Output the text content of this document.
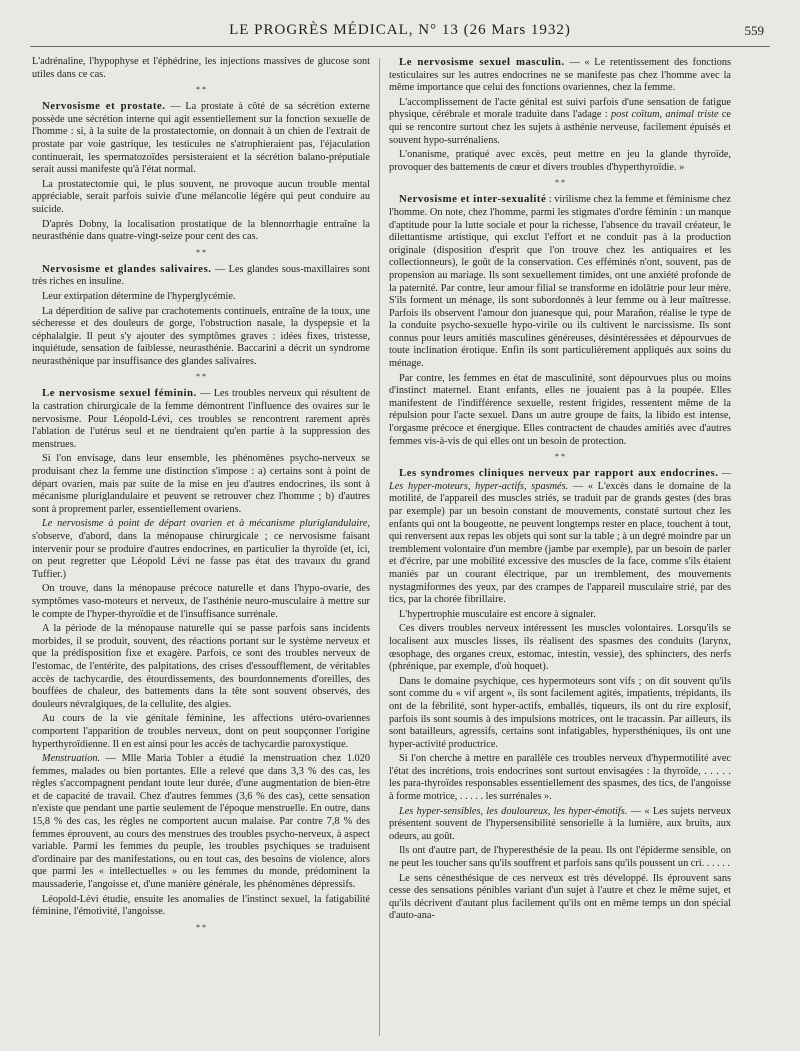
LE PROGRÈS MÉDICAL, N° 13 (26 Mars 1932)	559

L'adrénaline, l'hypophyse et l'éphédrine, les injections massives de glucose sont utiles dans ce cas.

* *

Nervosisme et prostate. — La prostate à côté de sa sécrétion externe possède une sécrétion interne qui agit essentiellement sur la fonction sexuelle de l'homme : si, à la suite de la prostatectomie, on donnait à un chien de l'extrait de prostate par voie gastrique, les testicules ne s'atrophieraient pas, l'éjaculation continuerait, les spermatozoïdes persisteraient et la sécrétion balano-préputiale serait aussi manifeste qu'à l'état normal.

La prostatectomie qui, le plus souvent, ne provoque aucun trouble mental appréciable, serait parfois suivie d'une mélancolie légère qui peut conduire au suicide.

D'après Dobny, la localisation prostatique de la blennorrhagie entraîne la neurasthénie dans quatre-vingt-seize pour cent des cas.

* *

Nervosisme et glandes salivaires. — Les glandes sous-maxillaires sont très riches en insuline.

Leur extirpation détermine de l'hyperglycémie.

La déperdition de salive par crachotements continuels, entraîne de la toux, une sécheresse et des douleurs de gorge, l'obstruction nasale, la dyspepsie et la céphalalgie. Il peut s'y ajouter des symptômes graves : idées fixes, tristesse, inquiétude, sensation de faiblesse, neurasthénie. Baccarini a décrit un syndrome neurasthénique par insuffisance des glandes salivaires.

* *

Le nervosisme sexuel féminin. — Les troubles nerveux qui résultent de la castration chirurgicale de la femme démontrent l'influence des ovaires sur le nervosisme. Pour Léopold-Lévi, ces troubles se rencontrent rarement après l'ablation de l'utérus seul et ne tiendraient qu'en partie à la suppression des menstrues.

Si l'on envisage, dans leur ensemble, les phénomènes psycho-nerveux se produisant chez la femme une distinction s'impose : a) certains sont à point de départ ovarien, mais par suite de la mise en jeu d'autres endocrines, ils sont à mécanisme pluriglandulaire et peuvent se retrouver chez l'homme ; b) d'autres sont à proprement parler, essentiellement ovariens.

Le nervosisme à point de départ ovarien et à mécanisme pluriglandulaire, s'observe, d'abord, dans la ménopause chirurgicale ; ce nervosisme faisant intervenir pour se produire d'autres endocrines, en particulier la thyroïde (et, ici, on peut regretter que Léopold Lévi ne fasse pas état des travaux du grand Tuffier.)

On trouve, dans la ménopause précoce naturelle et dans l'hypo-ovarie, des symptômes vaso-moteurs et nerveux, de l'asthénie neuro-musculaire à mettre sur le compte de l'hyper-thyroïdie et de l'insuffisance surrénale.

A la période de la ménopause naturelle qui se passe parfois sans incidents morbides, il se produit, souvent, des réactions portant sur le système nerveux et que la prédisposition fixe et exagère. Parfois, ce sont des troubles nerveux de l'estomac, de l'entérite, des palpitations, des crises d'essoufflement, de véritables accès de tachycardie, des étourdissements, des bourdonnements d'oreilles, des bouffées de chaleur, des battements dans la tête sont souvent observés, des douleurs névralgiques, de la cellulite, des algies.

Au cours de la vie génitale féminine, les affections utéro-ovariennes comportent l'apparition de troubles nerveux, dont on peut soupçonner l'origine hyperthyroïdienne. Il en est ainsi pour les accès de tachycardie paroxystique.

Menstruation. — Mlle Maria Tobler a étudié la menstruation chez 1.020 femmes, malades ou bien portantes. Elle a relevé que dans 3,3 % des cas, les règles s'accompagnent pendant toute leur durée, d'une augmentation de bien-être et de capacité de travail. Chez d'autres femmes (3,6 % des cas), cette sensation n'existe que pendant une partie seulement de l'époque menstruelle. En outre, dans 15,8 % des cas, les règles ne comportent aucun malaise. Par contre 7,8 % des femmes éprouvent, au cours des menstrues des troubles psycho-nerveux, à aspect variable. Parmi les femmes du peuple, les troubles psychiques se traduisent d'ordinaire par des manifestations, ou en tout cas, des besoins de violence, alors que parmi les « intellectuelles » ou les femmes du monde, prédominent la maussaderie, l'angoisse et, d'une manière générale, les phénomènes dépressifs.

Léopold-Lévi étudie, ensuite les anomalies de l'instinct sexuel, la fatigabilité féminine, l'émotivité, l'angoisse.

* *

Le nervosisme sexuel masculin. — « Le retentissement des fonctions testiculaires sur les autres endocrines ne se manifeste pas chez l'homme avec la même importance que celui des fonctions ovariennes, chez la femme.

L'accomplissement de l'acte génital est suivi parfois d'une sensation de fatigue physique, cérébrale et morale traduite dans l'adage : post coïtum, animal triste ce qui se rencontre surtout chez les sujets à asthénie nerveuse, facilement épuisés et souvent hypo-surrénaliens.

L'onanisme, pratiqué avec excès, peut mettre en jeu la glande thyroïde, provoquer des battements de cœur et divers troubles d'hyperthyroïdie. »

* *

Nervosisme et inter-sexualité : virilisme chez la femme et féminisme chez l'homme. On note, chez l'homme, parmi les stigmates d'ordre féminin : un manque d'aptitude pour la lutte sociale et pour la richesse, l'absence du travail créateur, le dilettantisme artistique, qui exclut l'effort et ne conduit pas à la production originale (disposition d'esprit que l'on trouve chez les antiquaires et les collectionneurs), le goût de la conservation. Ces efféminés n'ont, souvent, pas de propension au mariage. Ils sont sexuellement timides, ont une anxiété profonde de la paternité. Par contre, leur amour filial se transforme en idolâtrie pour leur mère. S'ils forment un ménage, ils sont subordonnés à leur femme ou à leur maîtresse. Parfois ils observent l'amour don juanesque qui, pour Marañon, réalise le type de la conduite psycho-sexuelle hypo-virile ou ils cultivent le narcissisme. Ils sont connus pour leurs amitiés masculines généreuses, désintéressées et dépourvues de toute inclination érotique. Enfin ils sont particulièrement appliqués aux soins du ménage.

Par contre, les femmes en état de masculinité, sont dépourvues plus ou moins d'instinct maternel. Etant enfants, elles ne jouaient pas à la poupée. Elles manifestent de l'indifférence sexuelle, restent frigides, ressentent même de la répulsion pour l'acte sexuel. Dans un autre groupe de faits, la libido est intense, l'orgasme précoce et énergique. Elles contractent de chaudes amitiés avec d'autres femmes vis-à-vis de qui elles ont un besoin de protection.

* *

Les syndromes cliniques nerveux par rapport aux endocrines. — Les hyper-moteurs, hyper-actifs, spasmés. — « L'excès dans le domaine de la motilité, de l'appareil des muscles striés, se traduit par de grands gestes (des bras par exemple) par un besoin constant de mouvements, constaté surtout chez les enfants qui ont la bougeotte, ne peuvent longtemps rester en place, touchent à tout, qui renversent aux repas les objets qui sont sur la table ; à un degré moindre par un tremblement volontaire d'un membre (jambe par exemple), par un besoin de parler et d'écrire, par une mobilité excessive des muscles de la face, comme s'ils étaient maniés par un courant électrique, par un tremblement, des mouvements nystagmiformes des yeux, par des crampes de l'appareil musculaire strié, par des tics, par la chorée fibrillaire.

L'hypertrophie musculaire est encore à signaler.

Ces divers troubles nerveux intéressent les muscles volontaires. Lorsqu'ils se localisent aux muscles lisses, ils réalisent des spasmes des conduits (larynx, œsophage, des organes creux, estomac, intestin, vessie), des sphincters, des nerfs (phrénique, par exemple, d'où hoquet).

Dans le domaine psychique, ces hypermoteurs sont vifs ; on dit souvent qu'ils sont comme du « vif argent », ils sont facilement agités, impatients, trépidants, ils ont de la fébrilité, sont hyper-actifs, emballés, tiqueurs, ils ont du rire explosif, parfois ils sont soumis à des impulsions motrices, ont le tracassin. Par ailleurs, ils sont batailleurs, agressifs, certains sont infatigables, hypersthéniques, ils ont une hyper-activité productrice.

Si l'on cherche à mettre en parallèle ces troubles nerveux d'hypermotilité avec l'état des incrétions, trois endocrines sont surtout envisagées : la thyroïde, . . . . . les para-thyroïdes responsables essentiellement des spasmes, des tics, de l'angoisse à forme motrice, . . . . . les surrénales ».

Les hyper-sensibles, les douloureux, les hyper-émotifs. — « Les sujets nerveux présentent souvent de l'hypersensibilité sensorielle à la lumière, aux bruits, aux odeurs, au goût.

Ils ont d'autre part, de l'hyperesthésie de la peau. Ils ont l'épiderme sensible, on ne peut les toucher sans qu'ils souffrent et parfois sans qu'ils poussent un cri. . . . . .

Le sens cénesthésique de ces nerveux est très développé. Ils éprouvent sans cesse des sensations pénibles variant d'un sujet à l'autre et chez le même sujet, et qu'ils décrivent d'autant plus facilement qu'ils ont en même temps un don spécial d'auto-ana-
